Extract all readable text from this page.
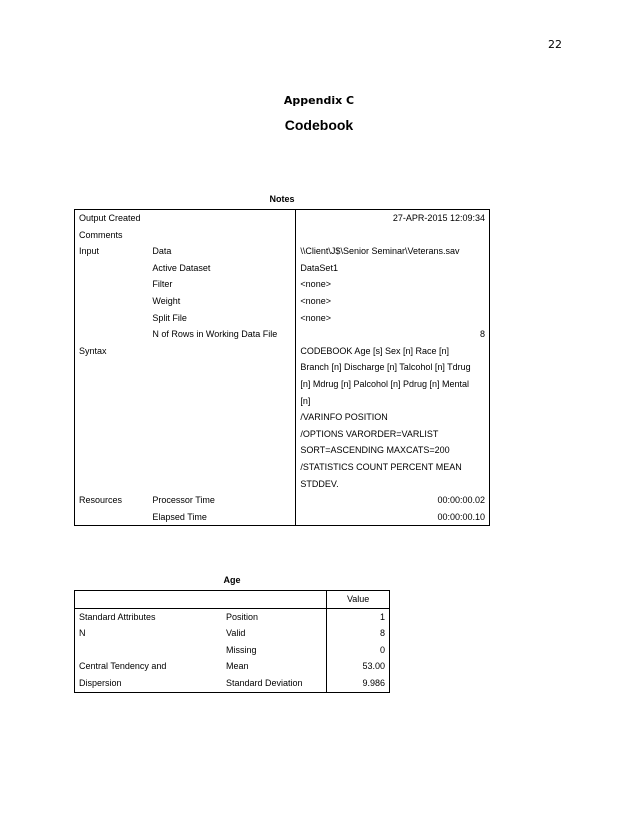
22
Appendix C
Codebook
Notes
Output Created		27-APR-2015 12:09:34
Comments		
Input	Data	\\Client\J$\Senior Seminar\Veterans.sav
	Active Dataset	DataSet1
	Filter	<none>
	Weight	<none>
	Split File	<none>
	N of Rows in Working Data File	8
Syntax		CODEBOOK Age [s] Sex [n] Race [n]
		Branch [n] Discharge [n] Talcohol [n] Tdrug
		[n] Mdrug [n] Palcohol [n] Pdrug [n] Mental
		[n]
		/VARINFO POSITION
		/OPTIONS VARORDER=VARLIST
		SORT=ASCENDING MAXCATS=200
		/STATISTICS COUNT PERCENT MEAN
		STDDEV.
Resources	Processor Time	00:00:00.02
	Elapsed Time	00:00:00.10
Age
		Value
Standard Attributes	Position	1
N	Valid	8
	Missing	0
Central Tendency and	Mean	53.00
Dispersion	Standard Deviation	9.986
